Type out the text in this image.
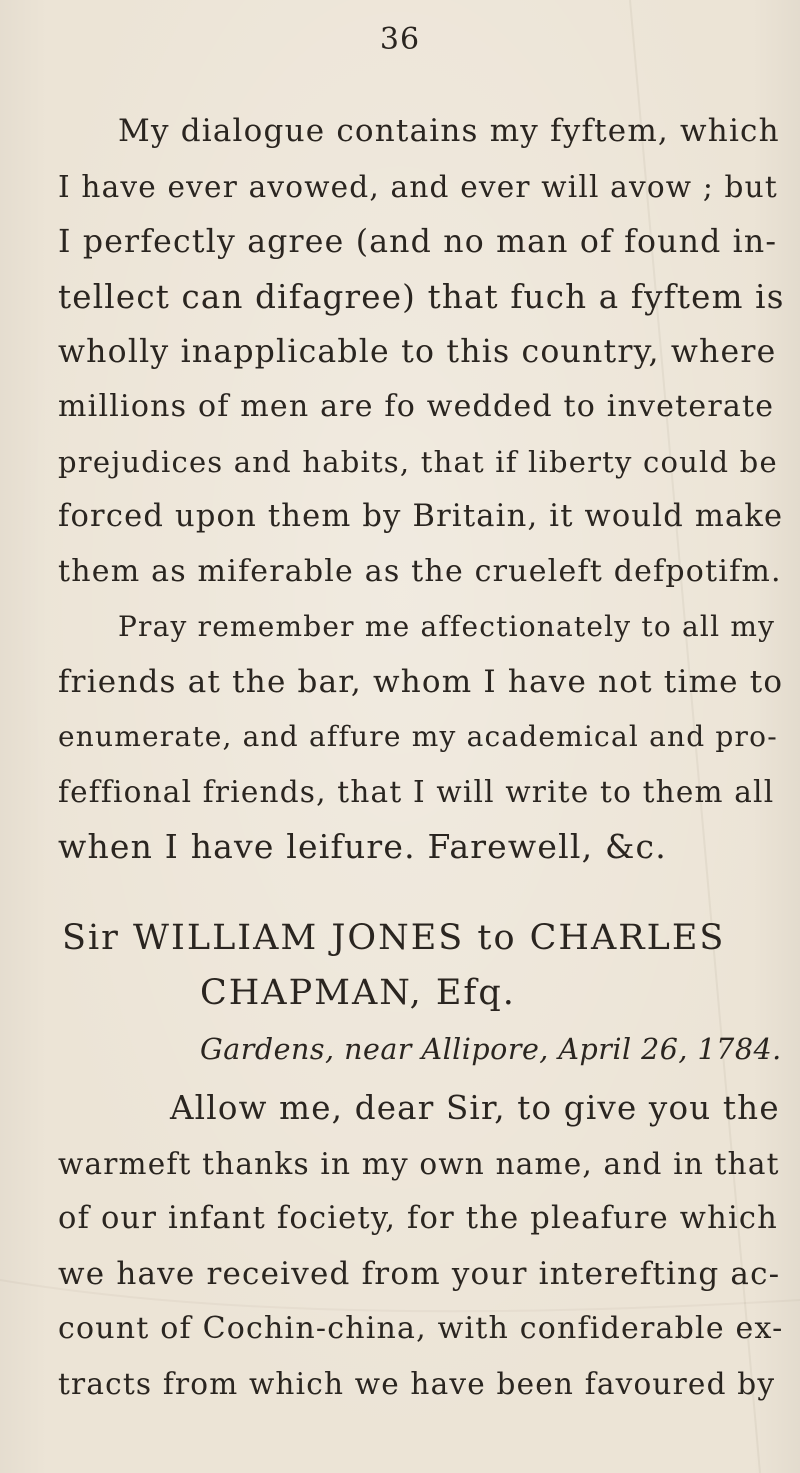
36
My dialogue contains my fyftem, which
I have ever avowed, and ever will avow ; but
I perfectly agree (and no man of found in-
tellect can difagree) that fuch a fyftem is
wholly inapplicable to this country, where
millions of men are fo wedded to inveterate
prejudices and habits, that if liberty could be
forced upon them by Britain, it would make
them as miferable as the crueleft defpotifm.
Pray remember me affectionately to all my
friends at the bar, whom I have not time to
enumerate, and affure my academical and pro-
feffional friends, that I will write to them all
when I have leifure. Farewell, &c.
Sir WILLIAM JONES to CHARLES
CHAPMAN, Efq.
Gardens, near Allipore, April 26, 1784.
Allow me, dear Sir, to give you the
warmeft thanks in my own name, and in that
of our infant fociety, for the pleafure which
we have received from your interefting ac-
count of Cochin-china, with confiderable ex-
tracts from which we have been favoured by
